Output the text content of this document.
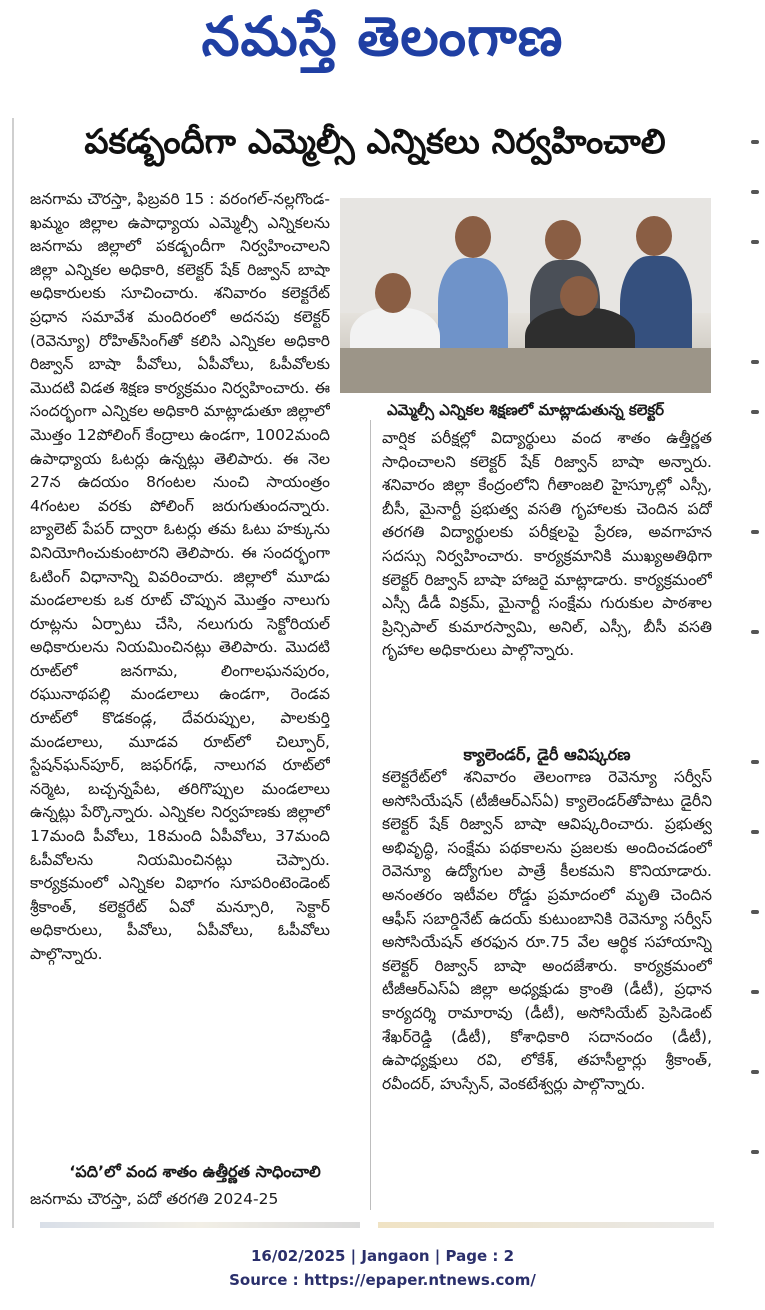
నమస్తే తెలంగాణ
పకడ్బందీగా ఎమ్మెల్సీ ఎన్నికలు నిర్వహించాలి
ఎమ్మెల్సీ ఎన్నికల శిక్షణలో మాట్లాడుతున్న కలెక్టర్
జనగామ చౌరస్తా, ఫిబ్రవరి 15 : వరంగల్-నల్లగొండ-ఖమ్మం జిల్లాల ఉపాధ్యాయ ఎమ్మెల్సీ ఎన్నికలను జనగామ జిల్లాలో పకడ్బందీగా నిర్వహించాలని జిల్లా ఎన్నికల అధికారి, కలెక్టర్ షేక్ రిజ్వాన్ బాషా అధికారులకు సూచించారు. శనివారం కలెక్టరేట్ ప్రధాన సమావేశ మందిరంలో అదనపు కలెక్టర్ (రెవెన్యూ) రోహిత్‌సింగ్‌తో కలిసి ఎన్నికల అధికారి రిజ్వాన్ బాషా పీవోలు, ఏపీవోలు, ఓపీవోలకు మొదటి విడత శిక్షణ కార్యక్రమం నిర్వహించారు. ఈ సందర్భంగా ఎన్నికల అధికారి మాట్లాడుతూ జిల్లాలో మొత్తం 12పోలింగ్ కేంద్రాలు ఉండగా, 1002మంది ఉపాధ్యాయ ఓటర్లు ఉన్నట్లు తెలిపారు. ఈ నెల 27న ఉదయం 8గంటల నుంచి సాయంత్రం 4గంటల వరకు పోలింగ్ జరుగుతుందన్నారు. బ్యాలెట్ పేపర్ ద్వారా ఓటర్లు తమ ఓటు హక్కును వినియోగించుకుంటారని తెలిపారు. ఈ సందర్భంగా ఓటింగ్ విధానాన్ని వివరించారు. జిల్లాలో మూడు మండలాలకు ఒక రూట్ చొప్పున మొత్తం నాలుగు రూట్లను ఏర్పాటు చేసి, నలుగురు సెక్టోరియల్ అధికారులను నియమించినట్లు తెలిపారు. మొదటి రూట్‌లో జనగామ, లింగాలఘనపురం, రఘునాథపల్లి మండలాలు ఉండగా, రెండవ రూట్‌లో కొడకండ్ల, దేవరుప్పుల, పాలకుర్తి మండలాలు, మూడవ రూట్‌లో చిల్పూర్, స్టేషన్‌ఘన్‌పూర్, జఫర్‌గఢ్, నాలుగవ రూట్‌లో నర్మెట, బచ్చన్నపేట, తరిగొప్పుల మండలాలు ఉన్నట్లు పేర్కొన్నారు. ఎన్నికల నిర్వహణకు జిల్లాలో 17మంది పీవోలు, 18మంది ఏపీవోలు, 37మంది ఓపీవోలను నియమించినట్లు చెప్పారు. కార్యక్రమంలో ఎన్నికల విభాగం సూపరింటెండెంట్ శ్రీకాంత్, కలెక్టరేట్ ఏవో మన్సూరి, సెక్టార్ అధికారులు, పీవోలు, ఏపీవోలు, ఓపీవోలు పాల్గొన్నారు.
‘పది’లో వంద శాతం ఉత్తీర్ణత సాధించాలి
జనగామ చౌరస్తా, పదో తరగతి 2024-25
వార్షిక పరీక్షల్లో విద్యార్థులు వంద శాతం ఉత్తీర్ణత సాధించాలని కలెక్టర్ షేక్ రిజ్వాన్ బాషా అన్నారు. శనివారం జిల్లా కేంద్రంలోని గీతాంజలి హైస్కూల్లో ఎస్సీ, బీసీ, మైనార్టీ ప్రభుత్వ వసతి గృహాలకు చెందిన పదో తరగతి విద్యార్థులకు పరీక్షలపై ప్రేరణ, అవగాహన సదస్సు నిర్వహించారు. కార్యక్రమానికి ముఖ్యఅతిథిగా కలెక్టర్ రిజ్వాన్ బాషా హాజరై మాట్లాడారు. కార్యక్రమంలో ఎస్సీ డీడీ విక్రమ్, మైనార్టీ సంక్షేమ గురుకుల పాఠశాల ప్రిన్సిపాల్ కుమారస్వామి, అనిల్, ఎస్సీ, బీసీ వసతి గృహాల అధికారులు పాల్గొన్నారు.
క్యాలెండర్, డైరీ ఆవిష్కరణ
కలెక్టరేట్‌లో శనివారం తెలంగాణ రెవెన్యూ సర్వీస్ అసోసియేషన్ (టీజీఆర్ఎస్ఏ) క్యాలెండర్‌తోపాటు డైరీని కలెక్టర్ షేక్ రిజ్వాన్ బాషా ఆవిష్కరించారు. ప్రభుత్వ అభివృద్ధి, సంక్షేమ పథకాలను ప్రజలకు అందించడంలో రెవెన్యూ ఉద్యోగుల పాత్రే కీలకమని కొనియాడారు. అనంతరం ఇటీవల రోడ్డు ప్రమాదంలో మృతి చెందిన ఆఫీస్ సబార్డినేట్ ఉదయ్ కుటుంబానికి రెవెన్యూ సర్వీస్ అసోసియేషన్ తరఫున రూ.75 వేల ఆర్థిక సహాయాన్ని కలెక్టర్ రిజ్వాన్ బాషా అందజేశారు. కార్యక్రమంలో టీజీఆర్ఎస్ఏ జిల్లా అధ్యక్షుడు క్రాంతి (డీటీ), ప్రధాన కార్యదర్శి రామారావు (డీటీ), అసోసియేట్ ప్రెసిడెంట్ శేఖర్‌రెడ్డి (డీటీ), కోశాధికారి సదానందం (డీటీ), ఉపాధ్యక్షులు రవి, లోకేశ్, తహసీల్దార్లు శ్రీకాంత్, రవీందర్, హుస్సేన్, వెంకటేశ్వర్లు పాల్గొన్నారు.
16/02/2025 | Jangaon | Page : 2
Source : https://epaper.ntnews.com/
